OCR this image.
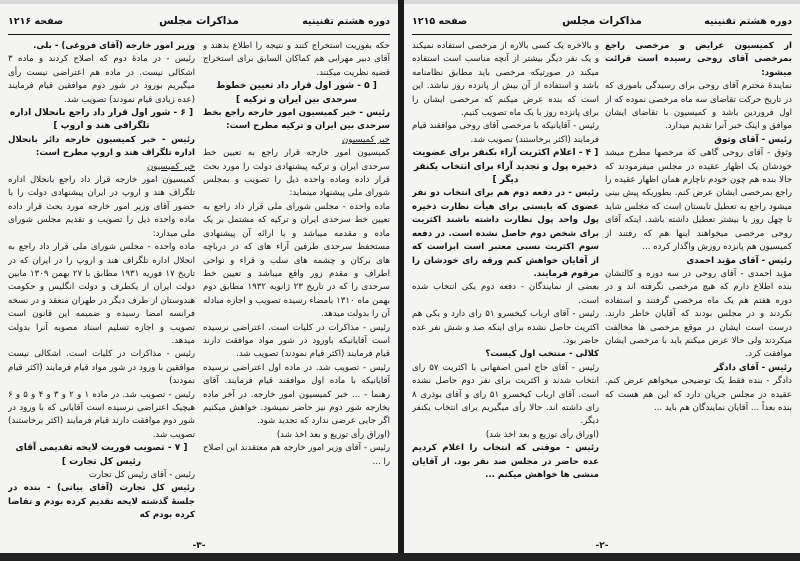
دوره هشتم تقنینیه
مذاکرات مجلس
صفحه ۱۲۱۶

حکه بفوریت استخراج کنند و نتیجه را اطلاع بدهند و آقای دبیر مهرابی هم کماکان السابق برای استخراج قضیه نظریت میکنند.

[ ۵ - شور اول قرار داد تعیین خطوط سرحدی بین ایران و ترکیه ]

رئیس - خبر کمیسیون امور خارجه راجع بخط سرحدی بین ایران و ترکیه مطرح است:

خبر کمیسیون

کمیسیون امور خارجه قرار راجع به تعیین خط سرحدی ایران و ترکیه پیشنهادی دولت را مورد بحث قرار داده وماده واحده ذیل را تصویب و بمجلس شورای ملی پیشنهاد مینماید:

ماده واحده - مجلس شورای ملی قرار داد راجع به تعیین خط سرحدی ایران و ترکیه که مشتمل بر یک ماده و مقدمه میباشد و با ارائه آن پیشنهادی مستحفظ سرحدی طرفین آراء های که در درباچه های برکان و چشمه های سلب و قراء و نواحی اطراف و مقدم زور واقع میباشد و تعیین خط سرحدی را که در تاریخ ۲۳ ژانویه ۱۹۳۲ مطابق دوم بهمن ماه ۱۳۱۰ بامضاء رسیده تصویب و اجازه مبادله آن را بدولت میدهد.

رئیس - مذاکرات در کلیات است. اعتراضی نرسیده است آقایانیکه باورود در شور مواد موافقت دارند قیام فرمایند (اکثر قیام نمودند) تصویب شد.

رئیس - تصویب شد. در ماده اول اعتراضی نرسیده آقایانیکه با ماده اول موافقند قیام فرمایند. آقای رهنما - ... خبر کمیسیون امور خارجه. در آخر ماده بخارجه شور دوم نیز حاضر نمیشود. خواهش میکنیم اگر جایی عرضی ندارد که تجدید شود.

(اوراق رأی توزیع و بعد اخذ شد)

رئیس - آقای وزیر امور خارجه هم معتقدند این اصلاح را ...

وزیر امور خارجه (آقای فروغی) - بلی.

رئیس - در مادهٔ دوم که اصلاح کردند و ماده ۳ اشکالی نیست. در ماده هم اعتراضی نیست رأی میگیریم بورود در شور دوم موافقین قیام فرمایند (عده زیادی قیام نمودند) تصویب شد.

[ ۶ - شور اول قرار داد راجع بانحلال اداره تلگرافی هند و اروپ ]

رئیس - خبر کمیسیون خارجه دائر بانحلال اداره تلگراف هند و اروپ مطرح است:

خبر کمیسیون

کمیسیون امور خارجه قرار داد راجع بانحلال اداره تلگراف هند و اروپ در ایران پیشنهادی دولت را با حضور آقای وزیر امور خارجه مورد بحث قرار داده ماده واحده ذیل را تصویب و تقدیم مجلس شورای ملی میدارد:

ماده واحده - مجلس شورای ملی قرار داد راجع به انحلال اداره تلگراف هند و اروپ را در ایران که در تاریخ ۱۷ فوریه ۱۹۳۱ مطابق با ۲۷ بهمن ۱۳۰۹ مابین دولت ایران از یکطرف و دولت انگلیس و حکومت هندوستان از طرف دیگر در طهران منعقد و در نسخه فرانسه امضا رسیده و ضمیمه این قانون است تصویب و اجازه تسلیم اسناد مصوبه آنرا بدولت میدهد.

رئیس - مذاکرات در کلیات است. اشکالی نیست موافقین با ورود در شور مواد قیام فرمایند (اکثر قیام نمودند)

رئیس - تصویب شد. در ماده ۱ و ۲ و ۳ و ۴ و ۵ و ۶ هیچیک اعتراضی نرسیده است آقایانی که با ورود در شور دوم موافقت دارند قیام فرمایند (اکثر برخاستند) تصویب شد.

[ ۷ - تصویب فوریت لایحه تقدیمی آقای رئیس کل تجارت ]

رئیس - آقای رئیس کل تجارت

رئیس کل تجارت (آقای بیاتی) - بنده در جلسهٔ گذشته لایحه تقدیم کرده بودم و تقاضا کرده بودم که

-۳-
دوره هشتم تقنینیه
مذاکرات مجلس
صفحه ۱۲۱۵

از کمیسیون عرایض و مرخصی راجع بمرخصی آقای روحی رسیده است قرائت میشود:

نمایندهٔ محترم آقای روحی برای رسیدگی باموری که در تاریخ حرکت تقاضای سه ماه مرخصی نموده که از اول فروردین باشد و کمیسیون با تقاضای ایشان موافق و اینک خبر آنرا تقدیم میدارد.

رئیس - آقای وثوق

وثوق - آقای روحی گاهی که مرخصها مطرح میشد خودشان یک اظهار عقیده در مجلس میفرمودند که حالا بنده هم چون خودم ناچارم همان اظهار عقیده را راجع بمرخصی ایشان عرض کنم. بطوریکه پیش بینی میشود راجع به تعطیل تابستان است که مجلس شاید تا چهل روز یا بیشتر تعطیل داشته باشد. اینکه آقای روحی مرخصی میخواهند اینها هم که رفتند از کمیسیون هم پانزده روزش واگذار کرده ...

رئیس - آقای مؤید احمدی

مؤید احمدی - آقای روحی در سه دوره و کالتشان بنده اطلاع دارم که هیچ مرخصی نگرفته اند و در دوره هفتم هم یک ماه مرخصی گرفتند و استفاده نکردند و در مجلس بودند که آقایان خاطر دارند. درست است ایشان در موقع مرخصی ها مخالفت میکردند ولی حالا عرض میکنم باید با مرخصی ایشان موافقت کرد.

رئیس - آقای دادگر

دادگر - بنده فقط یک توضیحی میخواهم عرض کنم. عقیده در مجلس جریان دارد که این هم هست که بنده بعداً ... آقایان نمایندگان هم باید ...

و بالاخره یک کسی بالاره از مرخصی استفاده نمیکند و یک نفر دیگر بیشتر از آنچه مناسب است استفاده میکند در صورتیکه مرخصی باید مطابق نظامنامه باشد و استفاده از آن بیش از پانزده روز نباشد. این است که بنده عرض میکنم که مرخصی ایشان را برای پانزده روز یا یک ماه تصویب کنیم.

رئیس - آقایانیکه با مرخصی آقای روحی موافقند قیام فرمایند (اکثر برخاستند) تصویب شد.

[ ۴ - اعلام اکثریت آراء بکنفر برای عضویت ذخیره پول و تجدید آراء برای انتخاب یکنفر دیگر ]

رئیس - در دفعه دوم هم برای انتخاب دو نفر عضوی که بایستی برای هیأت نظارت ذخیره پول واحد پول نظارت داشته باشند اکثریت برای شخص دوم حاصل نشده است. در دفعه سوم اکثریت نسبی معتبر است ابزاست که از آقایان خواهش کنم ورقه رای خودشان را مرقوم فرمایند.

بعضی از نمایندگان - دفعه دوم یکی انتخاب شده است.

رئیس - آقای ارباب کیخسرو ۵۱ رای دارد و یکی هم اکثریت حاصل نشده برای اینکه صد و شش نفر عده حاضر بود.

کلالی - منتخب اول کیست؟

رئیس - آقای حاج امین اصفهانی با اکثریت ۵۷ رای انتخاب شدند و اکثریت برای نفر دوم حاصل نشده است. آقای ارباب کیخسرو ۵۱ رای و آقای بوذری ۸ رای داشته اند. حالا رأی میگیریم برای انتخاب یکنفر دیگر.

(اوراق رأی توزیع و بعد اخذ شد)

رئیس - موقتی که انتخاب را اعلام کردیم عده حاضر در مجلس صد نفر بود. از آقایان منشی ها خواهش میکنم ...

-۲-
